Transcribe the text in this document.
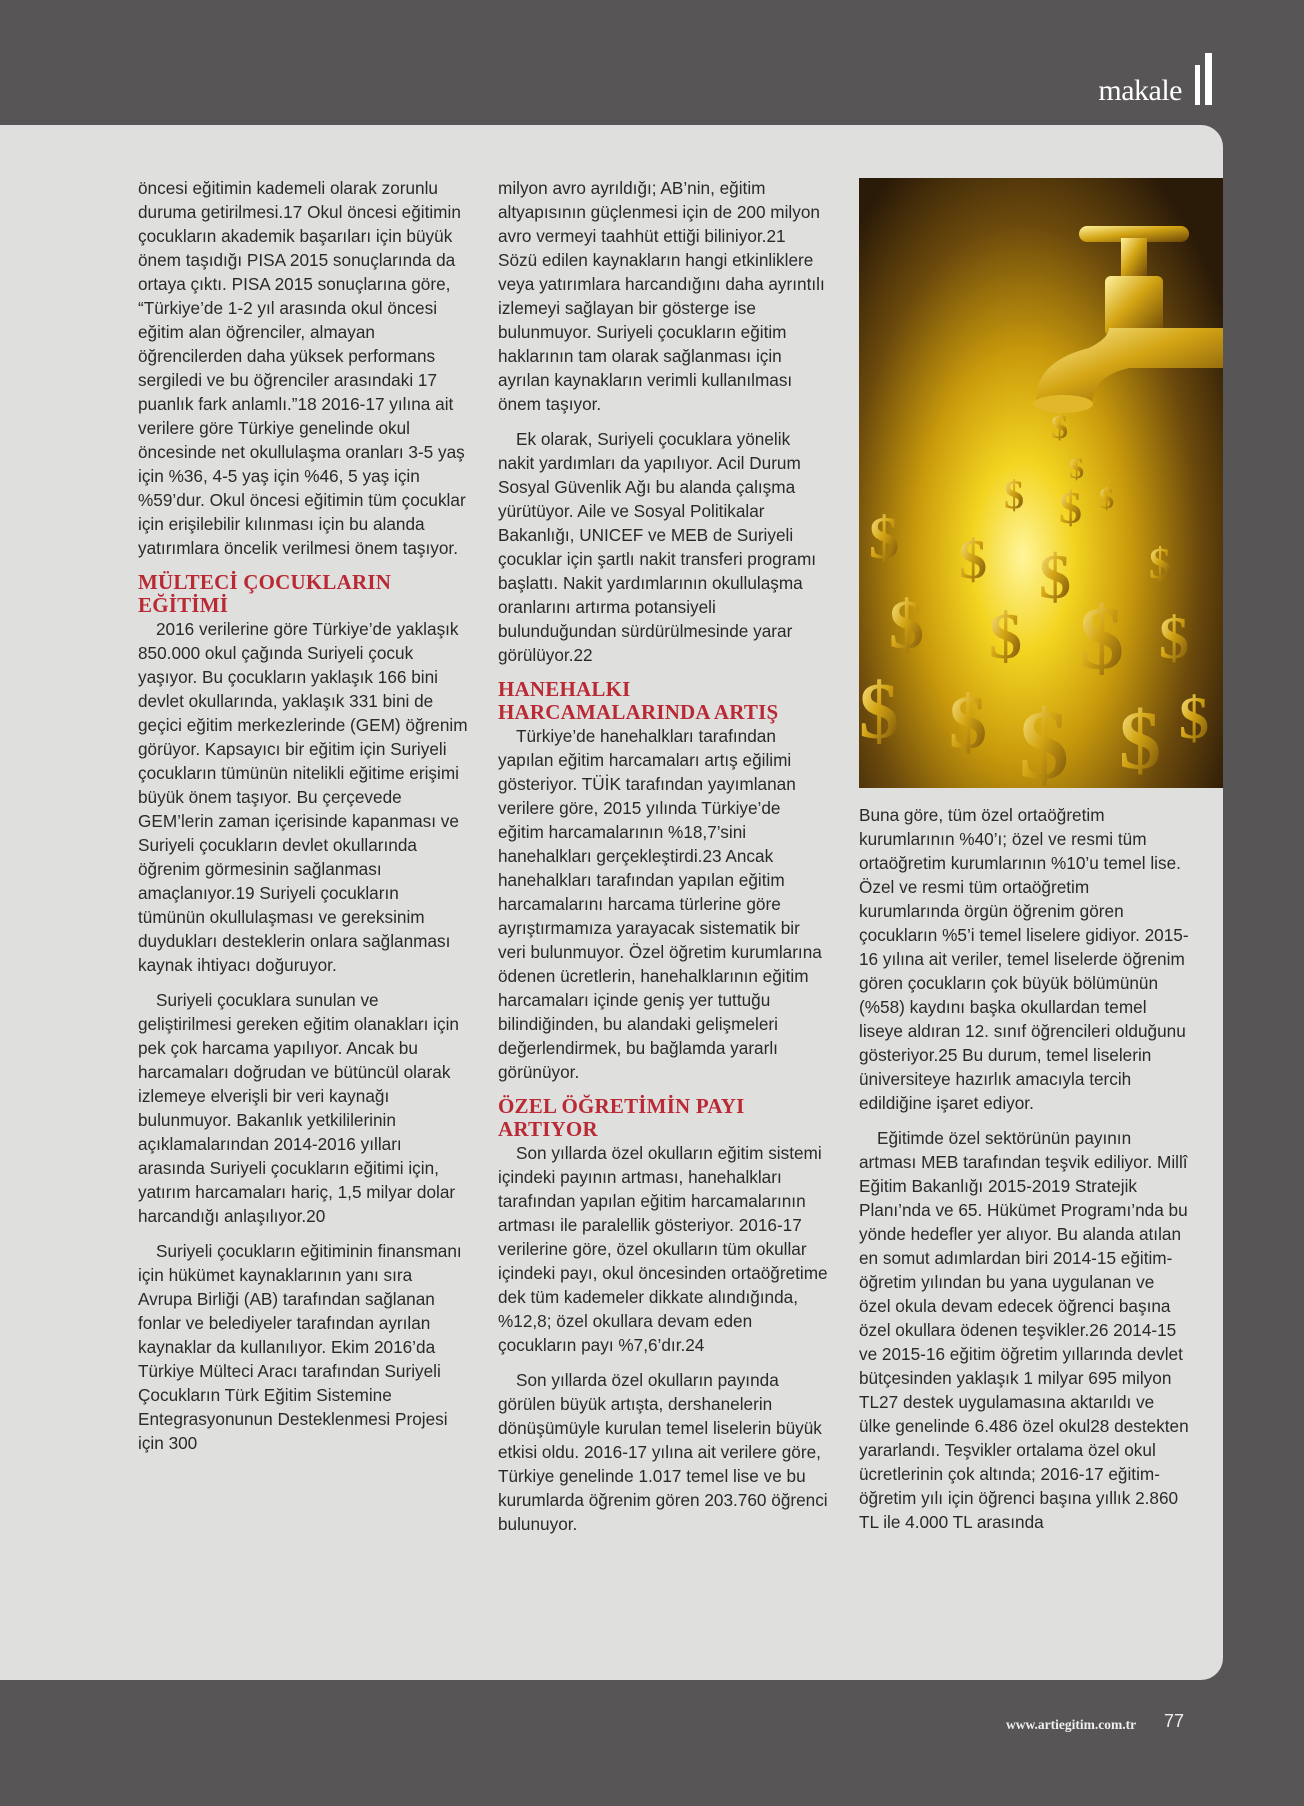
makale

öncesi eğitimin kademeli olarak zorunlu duruma getirilmesi.17 Okul öncesi eğitimin çocukların akademik başarıları için büyük önem taşıdığı PISA 2015 sonuçlarında da ortaya çıktı. PISA 2015 sonuçlarına göre, “Türkiye’de 1-2 yıl arasında okul öncesi eğitim alan öğrenciler, almayan öğrencilerden daha yüksek performans sergiledi ve bu öğrenciler arasındaki 17 puanlık fark anlamlı.”18 2016-17 yılına ait verilere göre Türkiye genelinde okul öncesinde net okullulaşma oranları 3-5 yaş için %36, 4-5 yaş için %46, 5 yaş için %59’dur. Okul öncesi eğitimin tüm çocuklar için erişilebilir kılınması için bu alanda yatırımlara öncelik verilmesi önem taşıyor.

MÜLTECİ ÇOCUKLARIN EĞİTİMİ

2016 verilerine göre Türkiye’de yaklaşık 850.000 okul çağında Suriyeli çocuk yaşıyor. Bu çocukların yaklaşık 166 bini devlet okullarında, yaklaşık 331 bini de geçici eğitim merkezlerinde (GEM) öğrenim görüyor. Kapsayıcı bir eğitim için Suriyeli çocukların tümünün nitelikli eğitime erişimi büyük önem taşıyor. Bu çerçevede GEM’lerin zaman içerisinde kapanması ve Suriyeli çocukların devlet okullarında öğrenim görmesinin sağlanması amaçlanıyor.19 Suriyeli çocukların tümünün okullulaşması ve gereksinim duydukları desteklerin onlara sağlanması kaynak ihtiyacı doğuruyor.

Suriyeli çocuklara sunulan ve geliştirilmesi gereken eğitim olanakları için pek çok harcama yapılıyor. Ancak bu harcamaları doğrudan ve bütüncül olarak izlemeye elverişli bir veri kaynağı bulunmuyor. Bakanlık yetkililerinin açıklamalarından 2014-2016 yılları arasında Suriyeli çocukların eğitimi için, yatırım harcamaları hariç, 1,5 milyar dolar harcandığı anlaşılıyor.20

Suriyeli çocukların eğitiminin finansmanı için hükümet kaynaklarının yanı sıra Avrupa Birliği (AB) tarafından sağlanan fonlar ve belediyeler tarafından ayrılan kaynaklar da kullanılıyor. Ekim 2016’da Türkiye Mülteci Aracı tarafından Suriyeli Çocukların Türk Eğitim Sistemine Entegrasyonunun Desteklenmesi Projesi için 300

milyon avro ayrıldığı; AB’nin, eğitim altyapısının güçlenmesi için de 200 milyon avro vermeyi taahhüt ettiği biliniyor.21 Sözü edilen kaynakların hangi etkinliklere veya yatırımlara harcandığını daha ayrıntılı izlemeyi sağlayan bir gösterge ise bulunmuyor. Suriyeli çocukların eğitim haklarının tam olarak sağlanması için ayrılan kaynakların verimli kullanılması önem taşıyor.

Ek olarak, Suriyeli çocuklara yönelik nakit yardımları da yapılıyor. Acil Durum Sosyal Güvenlik Ağı bu alanda çalışma yürütüyor. Aile ve Sosyal Politikalar Bakanlığı, UNICEF ve MEB de Suriyeli çocuklar için şartlı nakit transferi programı başlattı. Nakit yardımlarının okullulaşma oranlarını artırma potansiyeli bulunduğundan sürdürülmesinde yarar görülüyor.22

HANEHALKI HARCAMALARINDA ARTIŞ

Türkiye’de hanehalkları tarafından yapılan eğitim harcamaları artış eğilimi gösteriyor. TÜİK tarafından yayımlanan verilere göre, 2015 yılında Türkiye’de eğitim harcamalarının %18,7’sini hanehalkları gerçekleştirdi.23 Ancak hanehalkları tarafından yapılan eğitim harcamalarını harcama türlerine göre ayrıştırmamıza yarayacak sistematik bir veri bulunmuyor. Özel öğretim kurumlarına ödenen ücretlerin, hanehalklarının eğitim harcamaları içinde geniş yer tuttuğu bilindiğinden, bu alandaki gelişmeleri değerlendirmek, bu bağlamda yararlı görünüyor.

ÖZEL ÖĞRETİMİN PAYI ARTIYOR

Son yıllarda özel okulların eğitim sistemi içindeki payının artması, hanehalkları tarafından yapılan eğitim harcamalarının artması ile paralellik gösteriyor. 2016-17 verilerine göre, özel okulların tüm okullar içindeki payı, okul öncesinden ortaöğretime dek tüm kademeler dikkate alındığında, %12,8; özel okullara devam eden çocukların payı %7,6’dır.24

Son yıllarda özel okulların payında görülen büyük artışta, dershanelerin dönüşümüyle kurulan temel liselerin büyük etkisi oldu. 2016-17 yılına ait verilere göre, Türkiye genelinde 1.017 temel lise ve bu kurumlarda öğrenim gören 203.760 öğrenci bulunuyor.

$
$
$ $ $
$ $ $ $
$ $ $ $
$ $ $ $ $

Buna göre, tüm özel ortaöğretim kurumlarının %40’ı; özel ve resmi tüm ortaöğretim kurumlarının %10’u temel lise. Özel ve resmi tüm ortaöğretim kurumlarında örgün öğrenim gören çocukların %5’i temel liselere gidiyor. 2015-16 yılına ait veriler, temel liselerde öğrenim gören çocukların çok büyük bölümünün (%58) kaydını başka okullardan temel liseye aldıran 12. sınıf öğrencileri olduğunu gösteriyor.25 Bu durum, temel liselerin üniversiteye hazırlık amacıyla tercih edildiğine işaret ediyor.

Eğitimde özel sektörünün payının artması MEB tarafından teşvik ediliyor. Millî Eğitim Bakanlığı 2015-2019 Stratejik Planı’nda ve 65. Hükümet Programı’nda bu yönde hedefler yer alıyor. Bu alanda atılan en somut adımlardan biri 2014-15 eğitim-öğretim yılından bu yana uygulanan ve özel okula devam edecek öğrenci başına özel okullara ödenen teşvikler.26 2014-15 ve 2015-16 eğitim öğretim yıllarında devlet bütçesinden yaklaşık 1 milyar 695 milyon TL27 destek uygulamasına aktarıldı ve ülke genelinde 6.486 özel okul28 destekten yararlandı. Teşvikler ortalama özel okul ücretlerinin çok altında; 2016-17 eğitim-öğretim yılı için öğrenci başına yıllık 2.860 TL ile 4.000 TL arasında

www.artiegitim.com.tr 77
